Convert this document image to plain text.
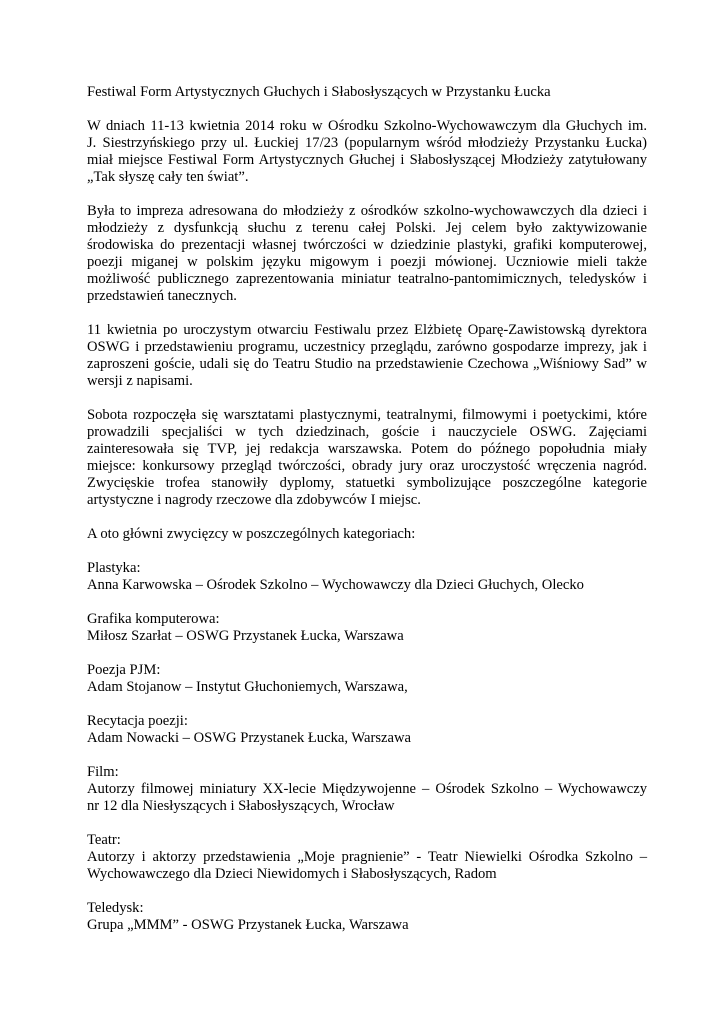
Festiwal Form Artystycznych Głuchych i Słabosłyszących w Przystanku Łucka
W dniach 11-13 kwietnia 2014 roku w Ośrodku Szkolno-Wychowawczym dla Głuchych im.
J. Siestrzyńskiego przy ul. Łuckiej 17/23 (popularnym wśród młodzieży Przystanku Łucka)
miał miejsce Festiwal Form Artystycznych Głuchej i Słabosłyszącej Młodzieży zatytułowany
„Tak słyszę cały ten świat”.
Była to impreza adresowana do młodzieży z ośrodków szkolno-wychowawczych dla dzieci i
młodzieży z dysfunkcją słuchu z terenu całej Polski. Jej celem było zaktywizowanie
środowiska do prezentacji własnej twórczości w dziedzinie plastyki, grafiki komputerowej,
poezji miganej w polskim języku migowym i poezji mówionej. Uczniowie mieli także
możliwość publicznego zaprezentowania miniatur teatralno-pantomimicznych, teledysków i
przedstawień tanecznych.
11 kwietnia po uroczystym otwarciu Festiwalu przez Elżbietę Oparę-Zawistowską dyrektora
OSWG i przedstawieniu programu, uczestnicy przeglądu, zarówno gospodarze imprezy, jak i
zaproszeni goście, udali się do Teatru Studio na przedstawienie Czechowa „Wiśniowy Sad” w
wersji z napisami.
Sobota rozpoczęła się warsztatami plastycznymi, teatralnymi, filmowymi i poetyckimi, które
prowadzili specjaliści w tych dziedzinach, goście i nauczyciele OSWG. Zajęciami
zainteresowała się TVP, jej redakcja warszawska. Potem do późnego popołudnia miały
miejsce: konkursowy przegląd twórczości, obrady jury oraz uroczystość wręczenia nagród.
Zwycięskie trofea stanowiły dyplomy, statuetki symbolizujące poszczególne kategorie
artystyczne i nagrody rzeczowe dla zdobywców I miejsc.
A oto główni zwycięzcy w poszczególnych kategoriach:
Plastyka:
Anna Karwowska – Ośrodek Szkolno – Wychowawczy dla Dzieci Głuchych, Olecko
Grafika komputerowa:
Miłosz Szarłat – OSWG Przystanek Łucka, Warszawa
Poezja PJM:
Adam Stojanow – Instytut Głuchoniemych, Warszawa,
Recytacja poezji:
Adam Nowacki – OSWG Przystanek Łucka, Warszawa
Film:
Autorzy filmowej miniatury XX-lecie Międzywojenne – Ośrodek Szkolno – Wychowawczy
nr 12 dla Niesłyszących i Słabosłyszących, Wrocław
Teatr:
Autorzy i aktorzy przedstawienia „Moje pragnienie” - Teatr Niewielki Ośrodka Szkolno –
Wychowawczego dla Dzieci Niewidomych i Słabosłyszących, Radom
Teledysk:
Grupa „MMM” - OSWG Przystanek Łucka, Warszawa
